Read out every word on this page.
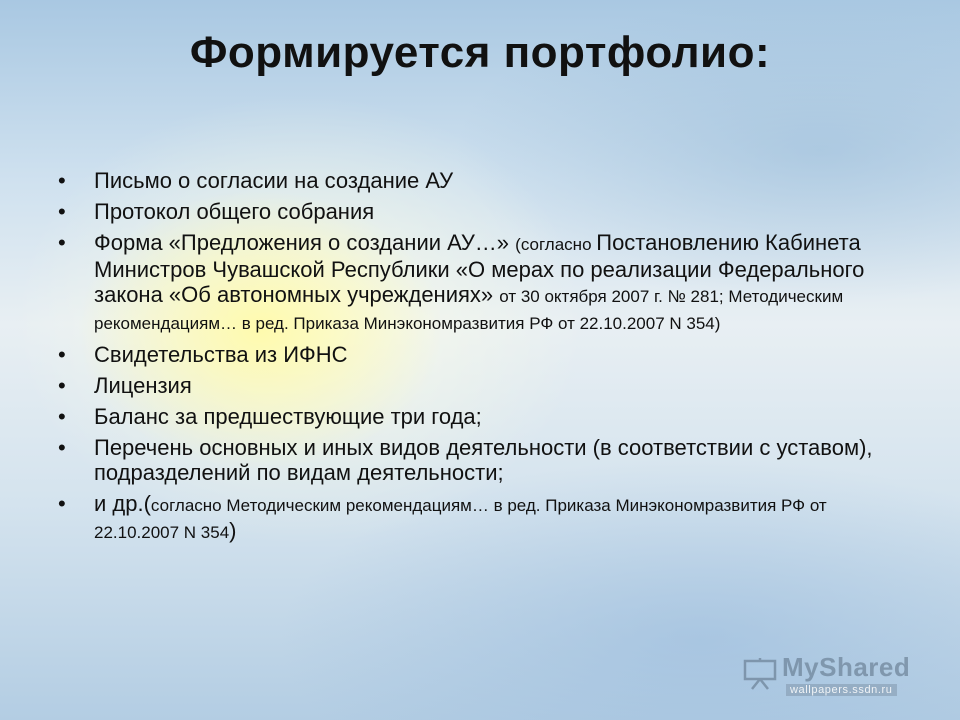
Формируется портфолио:
• Письмо о согласии на создание АУ
• Протокол общего собрания
• Форма «Предложения о создании АУ…» (согласно Постановлению Кабинета Министров Чувашской Республики «О мерах по реализации Федерального закона «Об автономных учреждениях» от 30 октября 2007 г. № 281; Методическим рекомендациям… в ред. Приказа Минэкономразвития РФ от 22.10.2007 N 354)
• Свидетельства из ИФНС
• Лицензия
• Баланс за предшествующие три года;
• Перечень основных и иных видов деятельности (в соответствии с уставом), подразделений по видам деятельности;
• и др.(согласно Методическим рекомендациям… в ред. Приказа Минэкономразвития РФ от 22.10.2007 N 354)
MyShared
wallpapers.ssdn.ru
